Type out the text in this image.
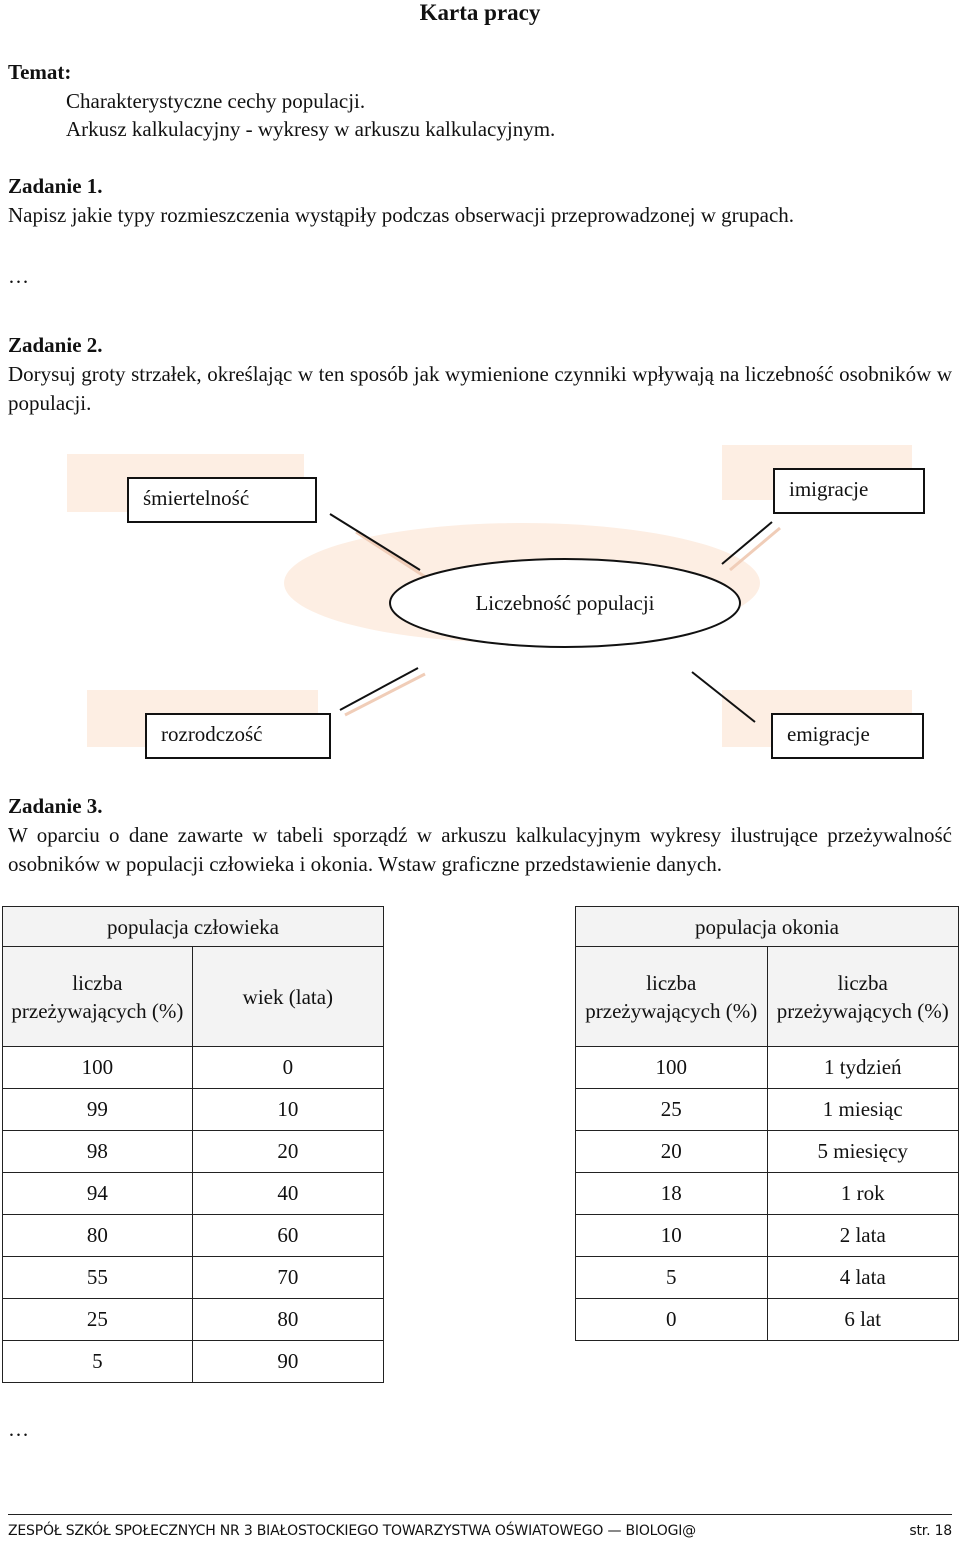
Karta pracy
Temat:
Charakterystyczne cechy populacji.
Arkusz kalkulacyjny - wykresy w arkuszu kalkulacyjnym.
Zadanie 1.
Napisz jakie typy rozmieszczenia wystąpiły podczas obserwacji przeprowadzonej w grupach.
…
Zadanie 2.
Dorysuj groty strzałek, określając w ten sposób jak wymienione czynniki wpływają na liczebność osobników w populacji.
Liczebność populacji
śmiertelność	imigracje
rozrodczość	emigracje
Zadanie 3.
W oparciu o dane zawarte w tabeli sporządź w arkuszu kalkulacyjnym wykresy ilustrujące przeżywalność osobników w populacji człowieka i okonia. Wstaw graficzne przedstawienie danych.
populacja człowieka	
liczba przeżywających (%)	wiek (lata)
100	0
99	10
98	20
94	40
80	60
55	70
25	80
5	90
populacja okonia	
liczba przeżywających (%)	liczba przeżywających (%)
100	1 tydzień
25	1 miesiąc
20	5 miesięcy
18	1 rok
10	2 lata
5	4 lata
0	6 lat
…
ZESPÓŁ SZKÓŁ SPOŁECZNYCH NR 3 BIAŁOSTOCKIEGO TOWARZYSTWA OŚWIATOWEGO — BIOLOGI@	str. 18
